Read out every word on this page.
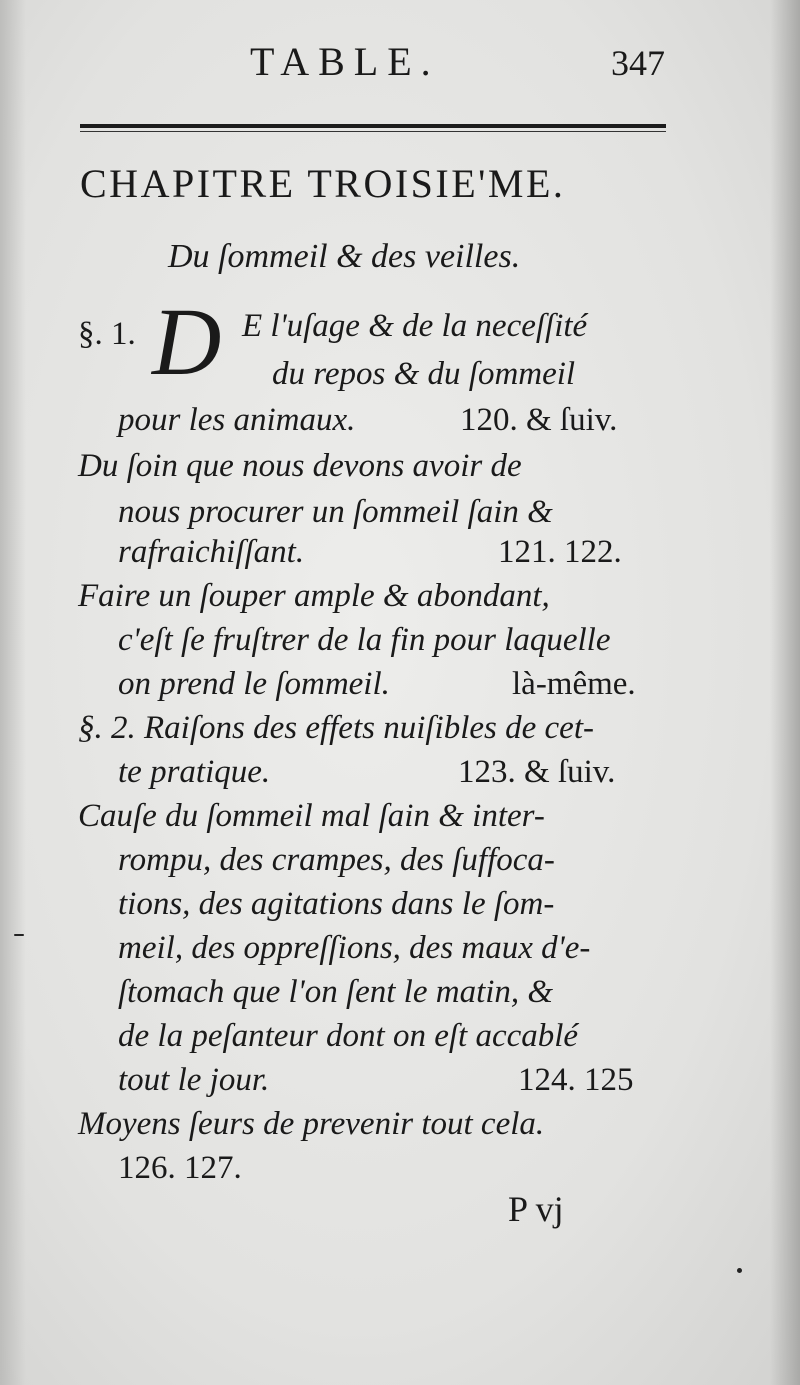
TABLE.	347
CHAPITRE TROISIE'ME.
Du ſommeil & des veilles.
§. 1. D E l'uſage & de la neceſſité
du repos & du ſommeil
pour les animaux.	120. & ſuiv.
Du ſoin que nous devons avoir de
nous procurer un ſommeil ſain &
rafraichiſſant.	121. 122.
Faire un ſouper ample & abondant,
c'eſt ſe fruſtrer de la fin pour laquelle
on prend le ſommeil.	là-même.
§. 2. Raiſons des effets nuiſibles de cet-
te pratique.	123. & ſuiv.
Cauſe du ſommeil mal ſain & inter-
rompu, des crampes, des ſuffoca-
tions, des agitations dans le ſom-
meil, des oppreſſions, des maux d'e-
ſtomach que l'on ſent le matin, &
de la peſanteur dont on eſt accablé
tout le jour.	124. 125
Moyens ſeurs de prevenir tout cela.
126. 127.
P vj
